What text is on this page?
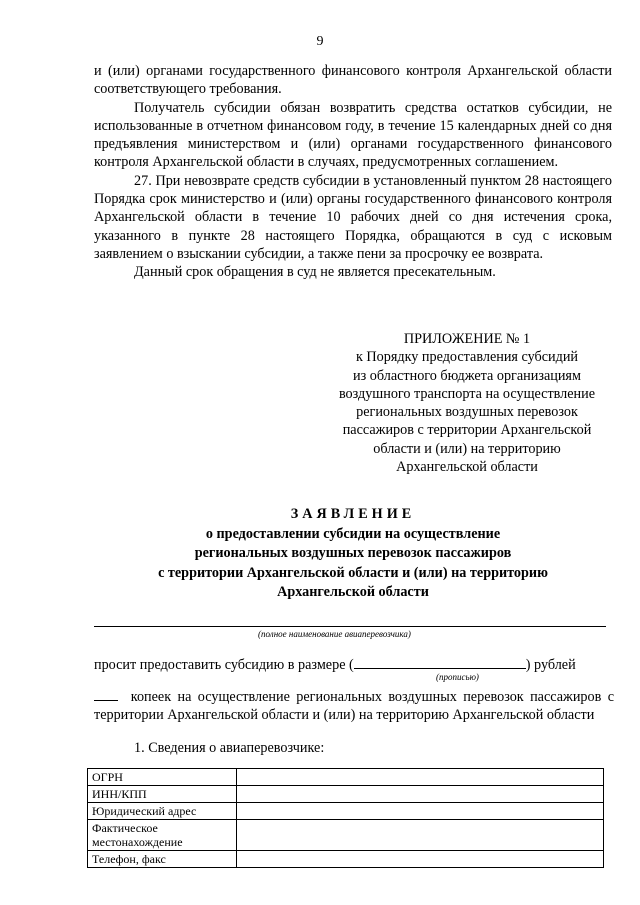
9

и (или) органами государственного финансового контроля Архангельской области соответствующего требования.

Получатель субсидии обязан возвратить средства остатков субсидии, не использованные в отчетном финансовом году, в течение 15 календарных дней со дня предъявления министерством и (или) органами государственного финансового контроля Архангельской области в случаях, предусмотренных соглашением.

27. При невозврате средств субсидии в установленный пунктом 28 настоящего Порядка срок министерство и (или) органы государственного финансового контроля Архангельской области в течение 10 рабочих дней со дня истечения срока, указанного в пункте 28 настоящего Порядка, обращаются в суд с исковым заявлением о взыскании субсидии, а также пени за просрочку ее возврата.

Данный срок обращения в суд не является пресекательным.

ПРИЛОЖЕНИЕ № 1
к Порядку предоставления субсидий
из областного бюджета организациям
воздушного транспорта на осуществление
региональных воздушных перевозок
пассажиров с территории Архангельской
области и (или) на территорию
Архангельской области
ЗАЯВЛЕНИЕ
о предоставлении субсидии на осуществление
региональных воздушных перевозок пассажиров
с территории Архангельской области и (или) на территорию
Архангельской области
(полное наименование авиаперевозчика)
просит предоставить субсидию в размере (	) рублей
(прописью)

копеек на осуществление региональных воздушных перевозок пассажиров с территории Архангельской области и (или) на территорию Архангельской области

1. Сведения о авиаперевозчике:

ОГРН	
ИНН/КПП	
Юридический адрес	
Фактическое местонахождение	
Телефон, факс	
